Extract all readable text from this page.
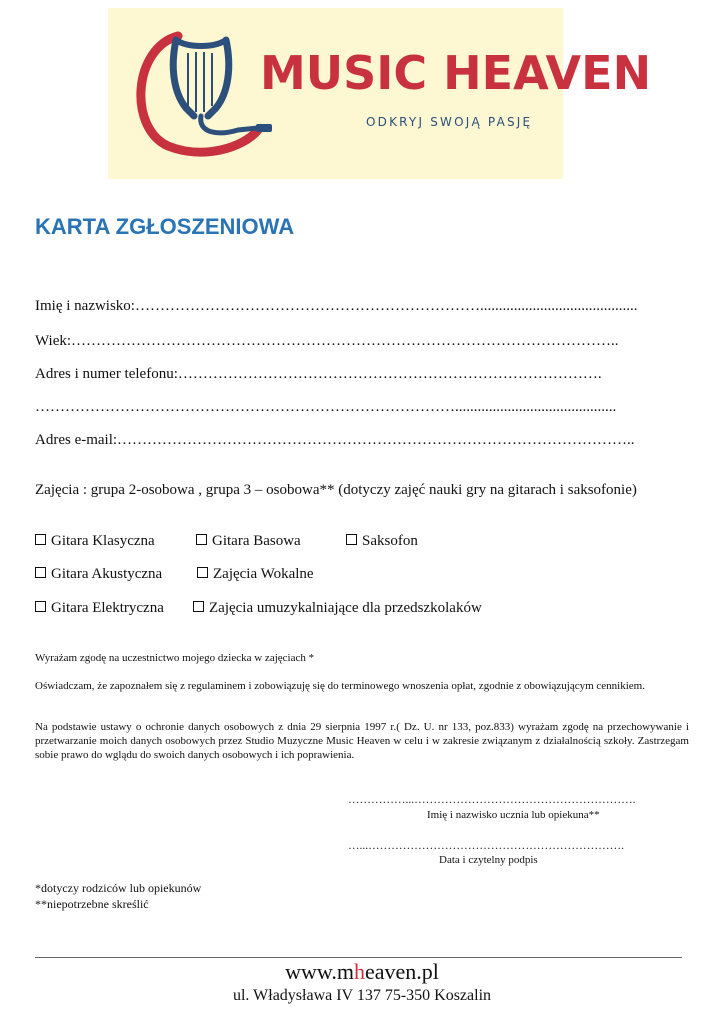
MUSIC HEAVEN
ODKRYJ SWOJĄ PASJĘ
KARTA ZGŁOSZENIOWA
Imię i nazwisko:……………………………………………………………..........................................
Wiek:………………………………………………………………………………………………..
Adres i numer telefonu:………………………………………………………………………….
…………………………………………………………………………...........................................
Adres e-mail:…………………………………………………………………………………………..
Zajęcia : grupa 2-osobowa , grupa 3 – osobowa** (dotyczy zajęć nauki gry na gitarach i saksofonie)
Gitara Klasyczna	Gitara Basowa	Saksofon
Gitara Akustyczna	Zajęcia Wokalne
Gitara Elektryczna	Zajęcia umuzykalniające dla przedszkolaków
Wyrażam zgodę na uczestnictwo mojego dziecka w zajęciach *
Oświadczam, że zapoznałem się z regulaminem i zobowiązuję się do terminowego wnoszenia opłat, zgodnie z obowiązującym cennikiem.
Na podstawie ustawy o ochronie danych osobowych z dnia 29 sierpnia 1997 r.( Dz. U. nr 133, poz.833) wyrażam zgodę na przechowywanie i przetwarzanie moich danych osobowych przez Studio Muzyczne Music Heaven w celu i w zakresie związanym z działalnością szkoły. Zastrzegam sobie prawo do wglądu do swoich danych osobowych i ich poprawienia.
……………...………………………………………………….
Imię i nazwisko ucznia lub opiekuna**
…...………………………………………………………….
Data i czytelny podpis
*dotyczy rodziców lub opiekunów
**niepotrzebne skreślić
www.mheaven.pl
ul. Władysława IV 137 75-350 Koszalin
